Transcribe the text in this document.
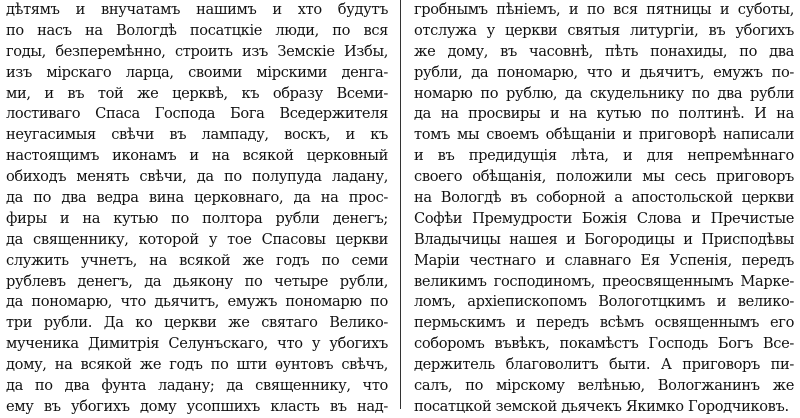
дѣтямъ и внучатамъ нашимъ и хто будутъ
по насъ на Вологдѣ посатцкіе люди, по вся
годы, безперемѣнно, строить изъ Земскіе Избы,
изъ мірскаго ларца, своими мірскими денга-
ми, и въ той же церквѣ, къ образу Всеми-
лостиваго Спаса Господа Бога Вседержителя
неугасимыя свѣчи въ лампаду, воскъ, и къ
настоящимъ иконамъ и на всякой церковный
обиходъ менять свѣчи, да по полупуда ладану,
да по два ведра вина церковнаго, да на прос-
фиры и на кутью по полтора рубли денегъ;
да священнику, которой у тое Спасовы церкви
служить учнетъ, на всякой же годъ по семи
рублевъ денегъ, да дьякону по четыре рубли,
да пономарю, что дьячитъ, емужъ пономарю по
три рубли. Да ко церкви же святаго Велико-
мученика Димитрія Селунъскаго, что у убогихъ
дому, на всякой же годъ по шти ѳунтовъ свѣчъ,
да по два фунта ладану; да священнику, что
ему въ убогихъ дому усопшихъ класть въ над-
гробнымъ пѣніемъ, и по вся пятницы и суботы,
отслужа у церкви святыя литургіи, въ убогихъ
же дому, въ часовнѣ, пѣть понахиды, по два
рубли, да пономарю, что и дьячитъ, емужъ по-
номарю по рублю, да скудельнику по два рубли
да на просвиры и на кутью по полтинѣ. И на
томъ мы своемъ обѣщаніи и приговорѣ написали
и въ предидущія лѣта, и для непремѣннаго
своего обѣщанія, положили мы сесь приговоръ
на Вологдѣ въ соборной а апостольской церкви
Софѣи Премудрости Божія Слова и Пречистые
Владычицы нашея и Богородицы и Присподѣвы
Маріи честнаго и славнаго Ея Успенія, передъ
великимъ господиномъ, преосвященнымъ Марке-
ломъ, архіепископомъ Вологотцкимъ и велико-
пермьскимъ и передъ всѣмъ освященнымъ его
соборомъ въвѣкъ, покамѣстъ Господь Богъ Все-
держитель благоволитъ быти. А приговоръ пи-
салъ, по мірскому велѣнью, Вологжанинъ же
посатцкой земской дьячекъ Якимко Городчиковъ.
